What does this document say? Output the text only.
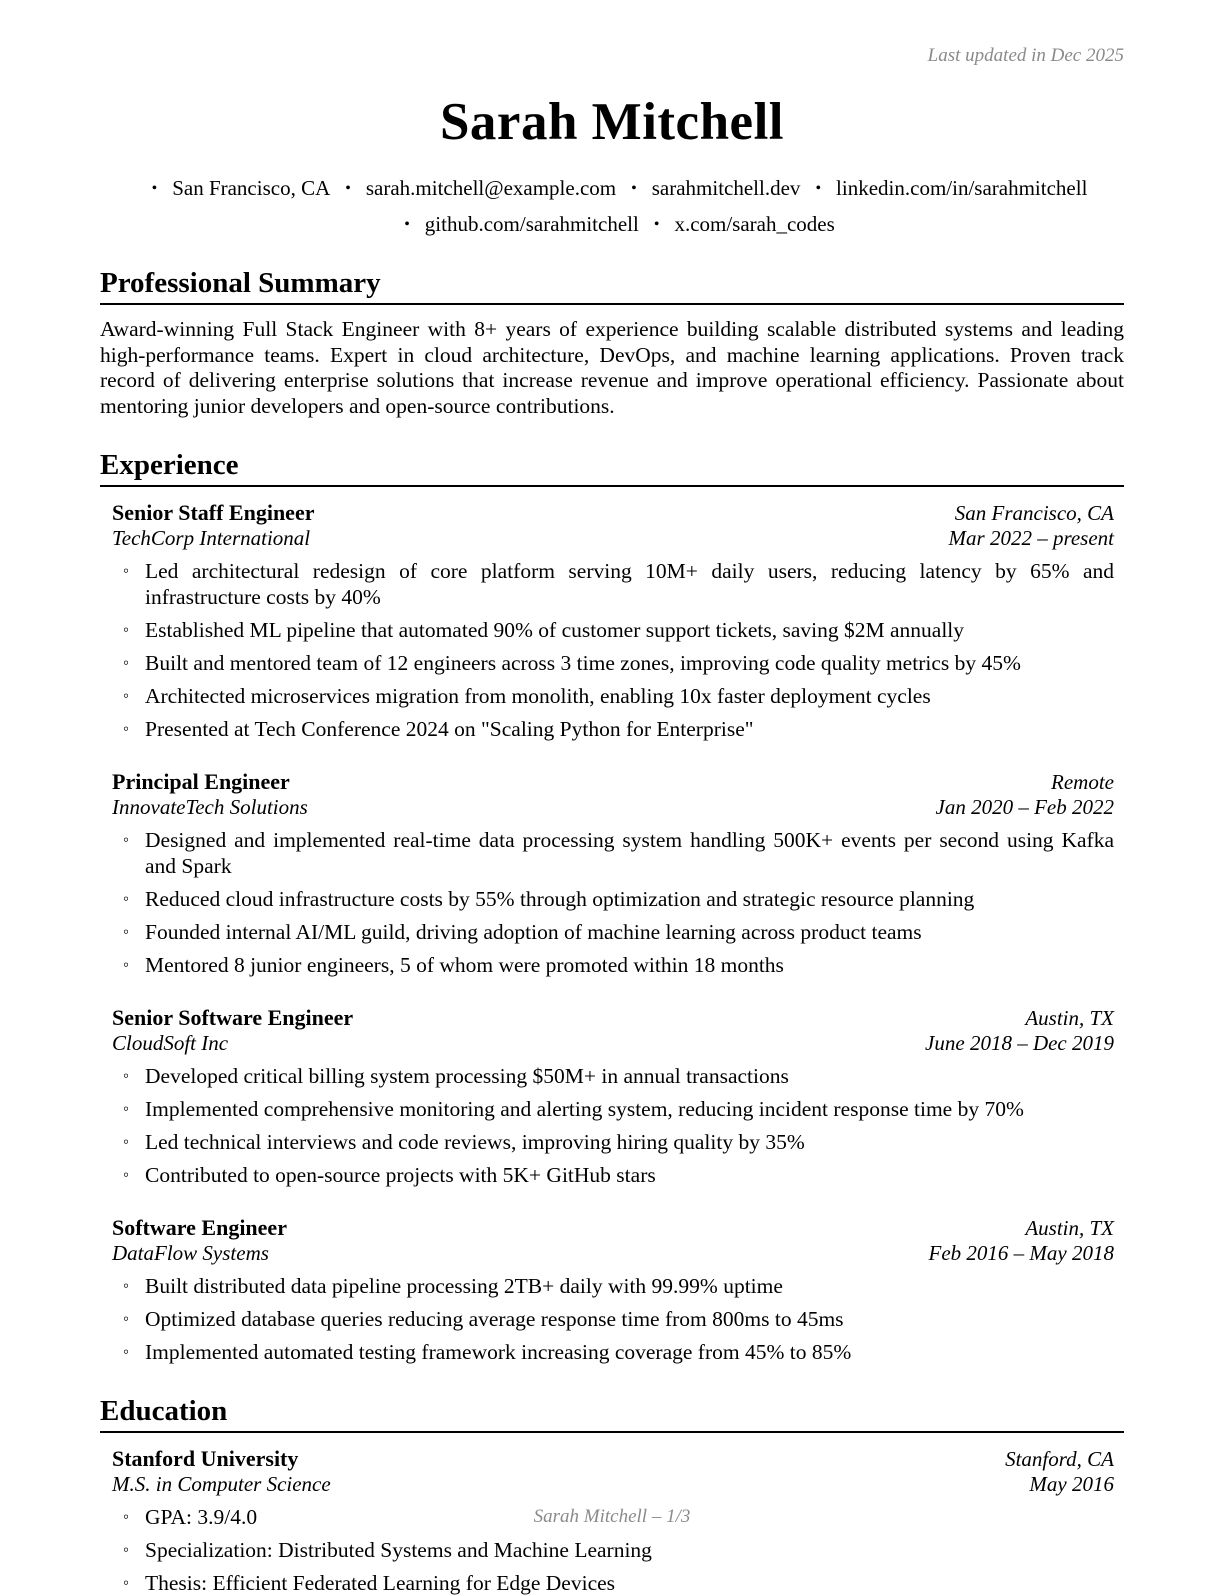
Last updated in Dec 2025
Sarah Mitchell
• San Francisco, CA • sarah.mitchell@example.com • sarahmitchell.dev • linkedin.com/in/sarahmitchell
• github.com/sarahmitchell • x.com/sarah_codes
Professional Summary

Award-winning Full Stack Engineer with 8+ years of experience building scalable distributed systems and leading high-performance teams. Expert in cloud architecture, DevOps, and machine learning applications. Proven track record of delivering enterprise solutions that increase revenue and improve operational efficiency. Passionate about mentoring junior developers and open-source contributions.

Experience
Senior Staff Engineer	San Francisco, CA
TechCorp International	Mar 2022 – present
◦ Led architectural redesign of core platform serving 10M+ daily users, reducing latency by 65% and infrastructure costs by 40%
◦ Established ML pipeline that automated 90% of customer support tickets, saving $2M annually
◦ Built and mentored team of 12 engineers across 3 time zones, improving code quality metrics by 45%
◦ Architected microservices migration from monolith, enabling 10x faster deployment cycles
◦ Presented at Tech Conference 2024 on "Scaling Python for Enterprise"
Principal Engineer	Remote
InnovateTech Solutions	Jan 2020 – Feb 2022
◦ Designed and implemented real-time data processing system handling 500K+ events per second using Kafka and Spark
◦ Reduced cloud infrastructure costs by 55% through optimization and strategic resource planning
◦ Founded internal AI/ML guild, driving adoption of machine learning across product teams
◦ Mentored 8 junior engineers, 5 of whom were promoted within 18 months
Senior Software Engineer	Austin, TX
CloudSoft Inc	June 2018 – Dec 2019
◦ Developed critical billing system processing $50M+ in annual transactions
◦ Implemented comprehensive monitoring and alerting system, reducing incident response time by 70%
◦ Led technical interviews and code reviews, improving hiring quality by 35%
◦ Contributed to open-source projects with 5K+ GitHub stars
Software Engineer	Austin, TX
DataFlow Systems	Feb 2016 – May 2018
◦ Built distributed data pipeline processing 2TB+ daily with 99.99% uptime
◦ Optimized database queries reducing average response time from 800ms to 45ms
◦ Implemented automated testing framework increasing coverage from 45% to 85%
Education
Stanford University	Stanford, CA
M.S. in Computer Science	May 2016
◦ GPA: 3.9/4.0
◦ Specialization: Distributed Systems and Machine Learning
◦ Thesis: Efficient Federated Learning for Edge Devices
Sarah Mitchell – 1/3
